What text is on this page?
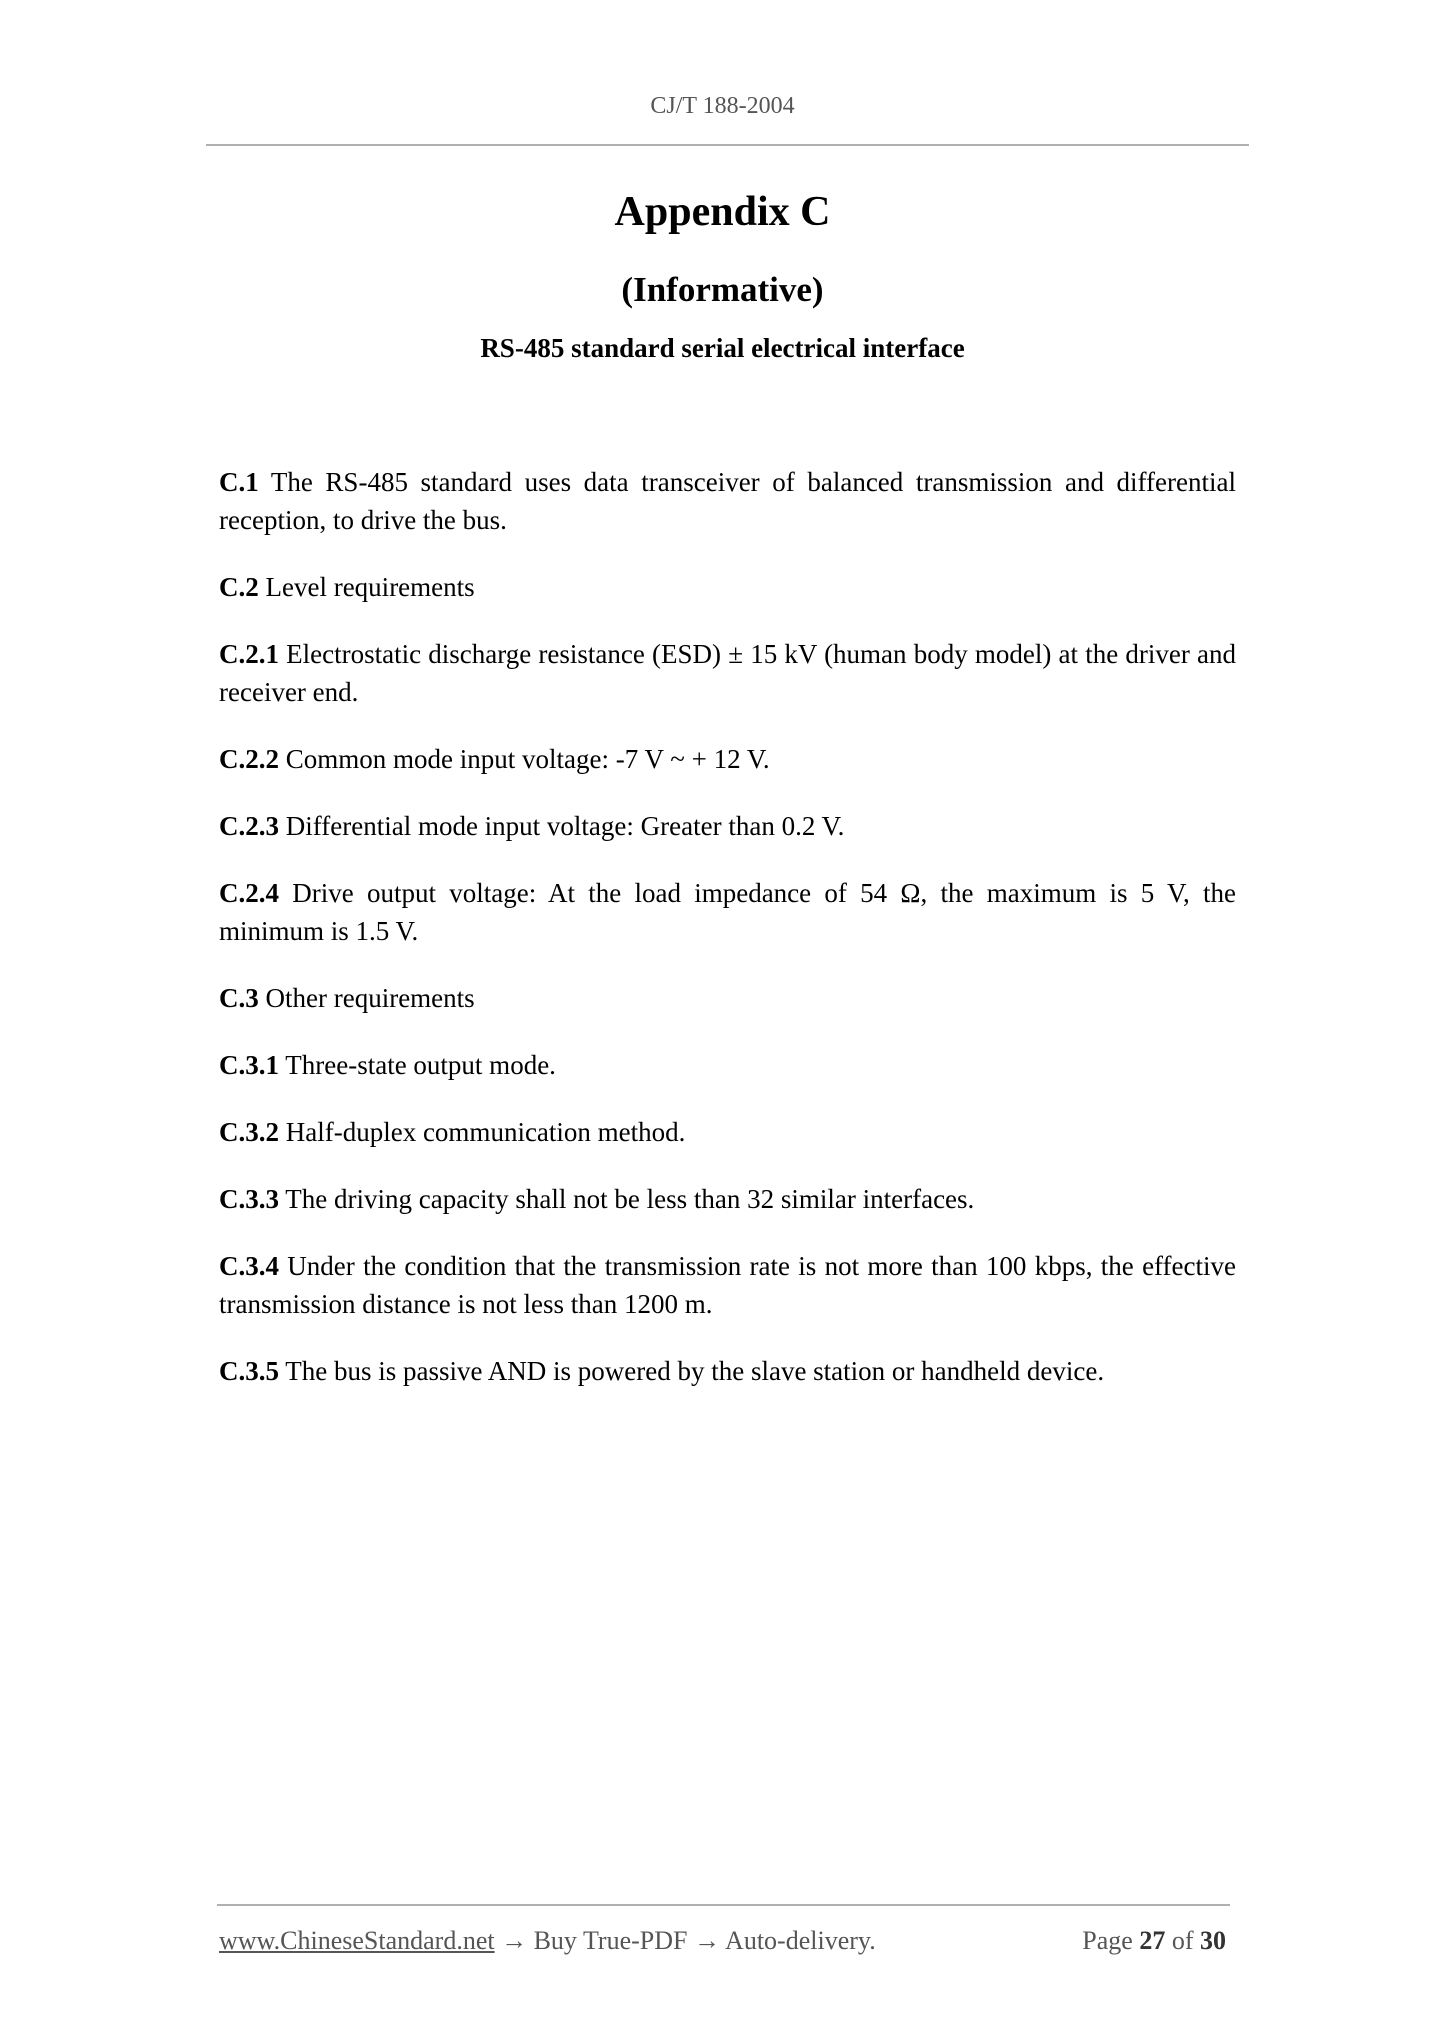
CJ/T 188-2004
Appendix C
(Informative)
RS-485 standard serial electrical interface

C.1 The RS-485 standard uses data transceiver of balanced transmission and differential reception, to drive the bus.

C.2 Level requirements

C.2.1 Electrostatic discharge resistance (ESD) ± 15 kV (human body model) at the driver and receiver end.

C.2.2 Common mode input voltage: -7 V ~ + 12 V.

C.2.3 Differential mode input voltage: Greater than 0.2 V.

C.2.4 Drive output voltage: At the load impedance of 54 Ω, the maximum is 5 V, the minimum is 1.5 V.

C.3 Other requirements

C.3.1 Three-state output mode.

C.3.2 Half-duplex communication method.

C.3.3 The driving capacity shall not be less than 32 similar interfaces.

C.3.4 Under the condition that the transmission rate is not more than 100 kbps, the effective transmission distance is not less than 1200 m.

C.3.5 The bus is passive AND is powered by the slave station or handheld device.

www.ChineseStandard.net → Buy True-PDF → Auto-delivery.	Page 27 of 30
